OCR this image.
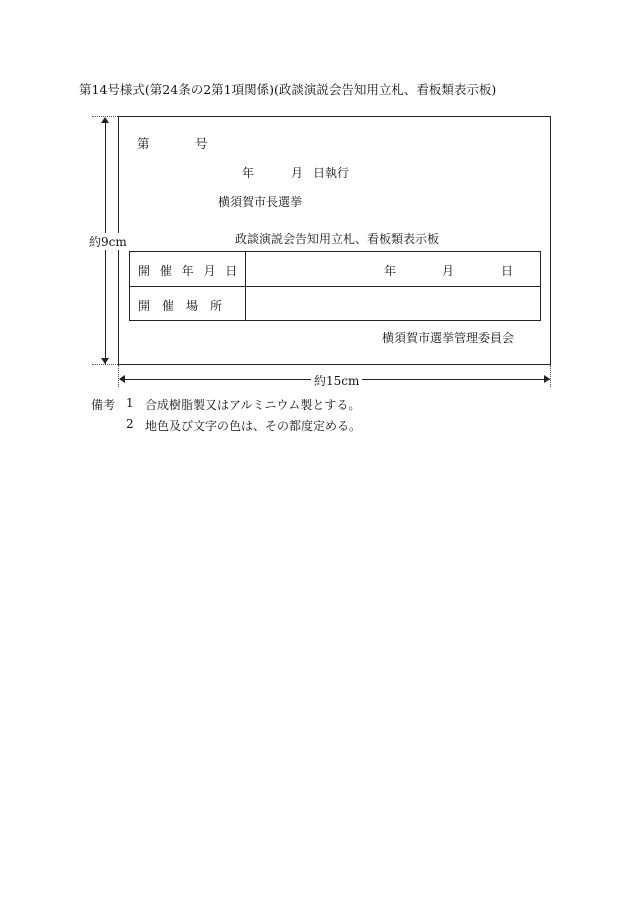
第14号様式(第24条の2第1項関係)(政談演説会告知用立札、看板類表示板)
第	号
年	月 日執行
横須賀市長選挙
政談演説会告知用立札、看板類表示板
開 催 年 月 日	年	月	日
開　催　場　所
横須賀市選挙管理委員会
約9cm
約15cm
備考 1 合成樹脂製又はアルミニウム製とする。
2 地色及び文字の色は、その都度定める。
